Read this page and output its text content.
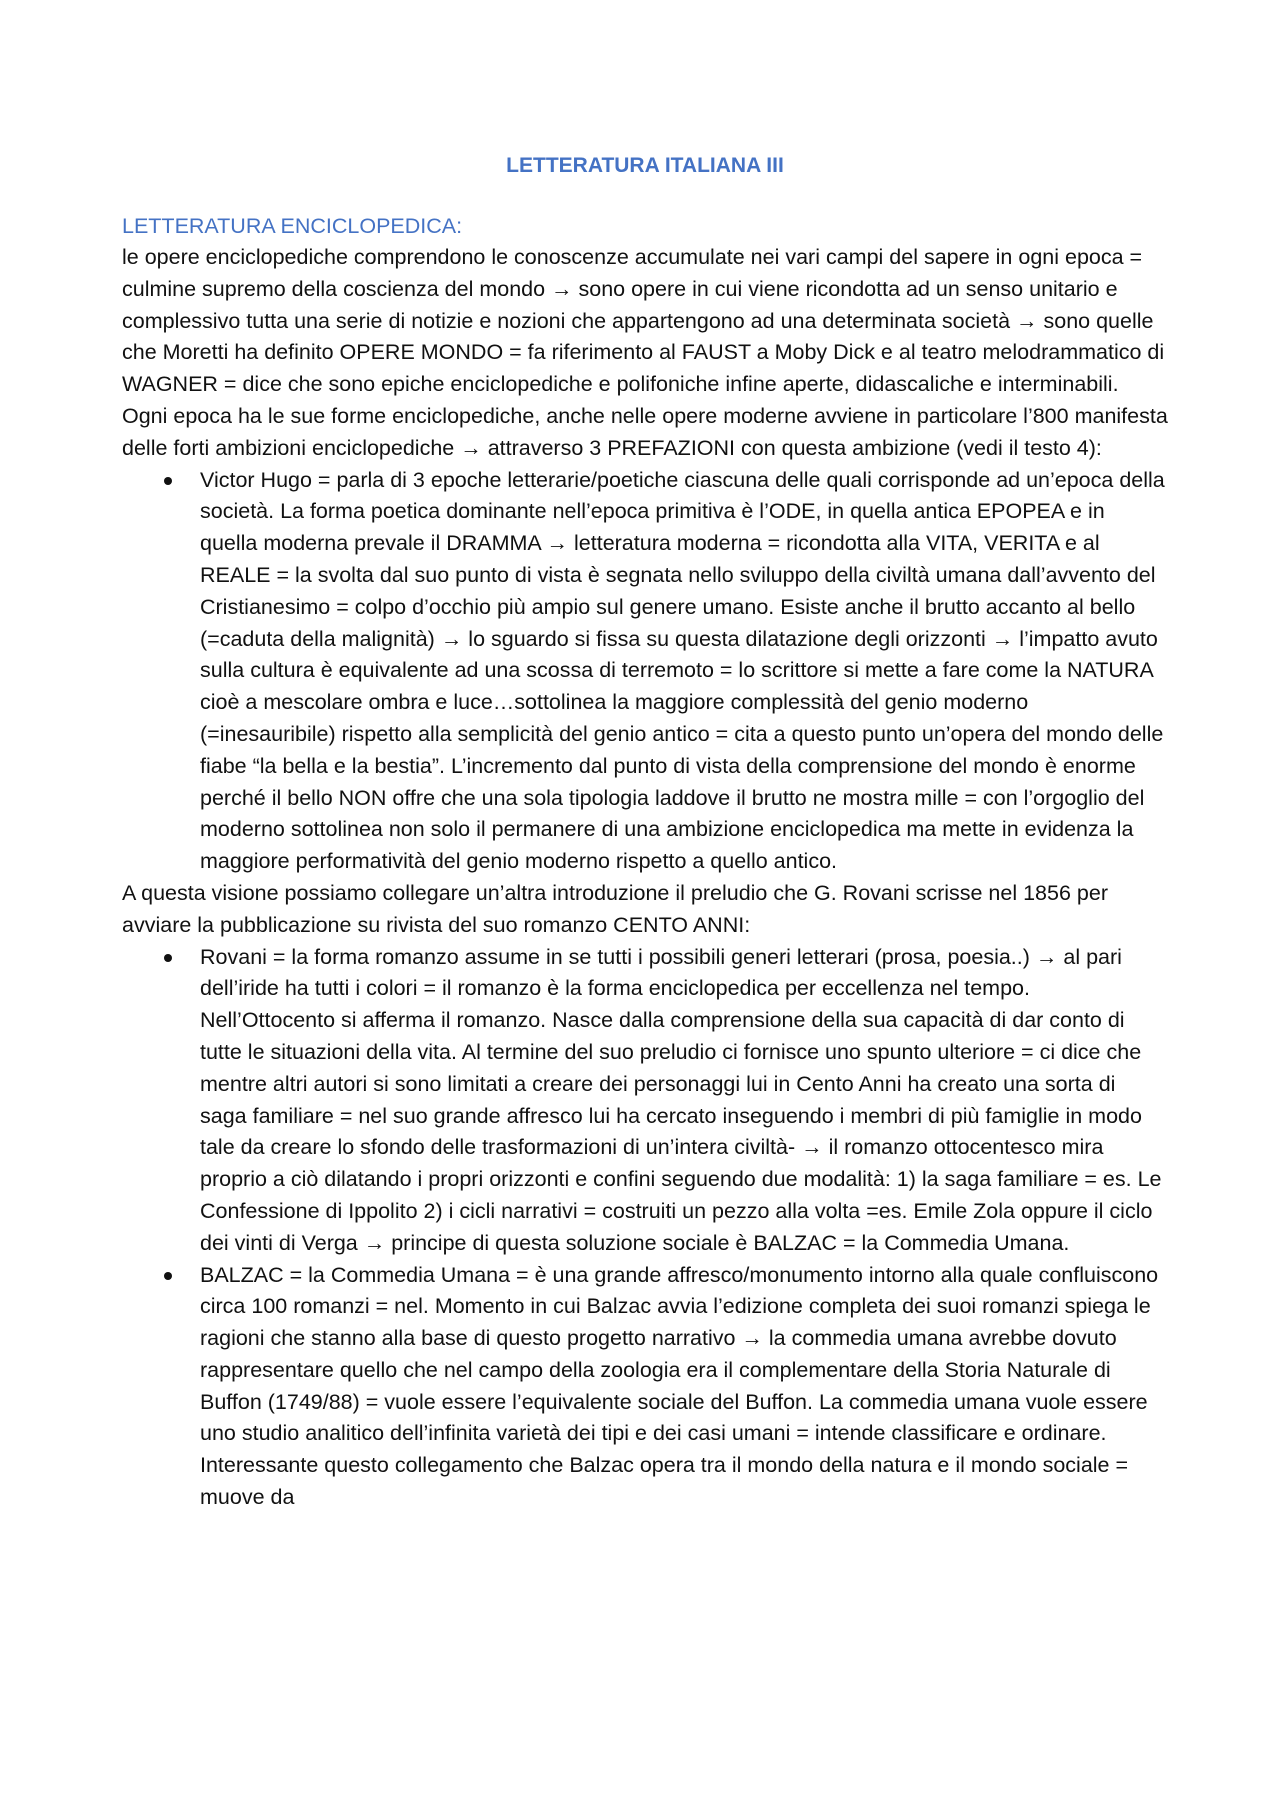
LETTERATURA ITALIANA III

LETTERATURA ENCICLOPEDICA:

le opere enciclopediche comprendono le conoscenze accumulate nei vari campi del sapere in ogni epoca = culmine supremo della coscienza del mondo → sono opere in cui viene ricondotta ad un senso unitario e complessivo tutta una serie di notizie e nozioni che appartengono ad una determinata società → sono quelle che Moretti ha definito OPERE MONDO = fa riferimento al FAUST a Moby Dick e al teatro melodrammatico di WAGNER = dice che sono epiche enciclopediche e polifoniche infine aperte, didascaliche e interminabili.

Ogni epoca ha le sue forme enciclopediche, anche nelle opere moderne avviene in particolare l’800 manifesta delle forti ambizioni enciclopediche → attraverso 3 PREFAZIONI con questa ambizione (vedi il testo 4):

Victor Hugo = parla di 3 epoche letterarie/poetiche ciascuna delle quali corrisponde ad un’epoca della società. La forma poetica dominante nell’epoca primitiva è l’ODE, in quella antica EPOPEA e in quella moderna prevale il DRAMMA → letteratura moderna = ricondotta alla VITA, VERITA e al REALE = la svolta dal suo punto di vista è segnata nello sviluppo della civiltà umana dall’avvento del Cristianesimo = colpo d’occhio più ampio sul genere umano. Esiste anche il brutto accanto al bello (=caduta della malignità) → lo sguardo si fissa su questa dilatazione degli orizzonti → l’impatto avuto sulla cultura è equivalente ad una scossa di terremoto = lo scrittore si mette a fare come la NATURA cioè a mescolare ombra e luce…sottolinea la maggiore complessità del genio moderno (=inesauribile) rispetto alla semplicità del genio antico = cita a questo punto un’opera del mondo delle fiabe “la bella e la bestia”. L’incremento dal punto di vista della comprensione del mondo è enorme perché il bello NON offre che una sola tipologia laddove il brutto ne mostra mille = con l’orgoglio del moderno sottolinea non solo il permanere di una ambizione enciclopedica ma mette in evidenza la maggiore performatività del genio moderno rispetto a quello antico.

A questa visione possiamo collegare un’altra introduzione il preludio che G. Rovani scrisse nel 1856 per avviare la pubblicazione su rivista del suo romanzo CENTO ANNI:

Rovani = la forma romanzo assume in se tutti i possibili generi letterari (prosa, poesia..) → al pari dell’iride ha tutti i colori = il romanzo è la forma enciclopedica per eccellenza nel tempo. Nell’Ottocento si afferma il romanzo. Nasce dalla comprensione della sua capacità di dar conto di tutte le situazioni della vita. Al termine del suo preludio ci fornisce uno spunto ulteriore = ci dice che mentre altri autori si sono limitati a creare dei personaggi lui in Cento Anni ha creato una sorta di saga familiare = nel suo grande affresco lui ha cercato inseguendo i membri di più famiglie in modo tale da creare lo sfondo delle trasformazioni di un’intera civiltà- → il romanzo ottocentesco mira proprio a ciò dilatando i propri orizzonti e confini seguendo due modalità: 1) la saga familiare = es. Le Confessione di Ippolito 2) i cicli narrativi = costruiti un pezzo alla volta =es. Emile Zola oppure il ciclo dei vinti di Verga → principe di questa soluzione sociale è BALZAC = la Commedia Umana.
BALZAC = la Commedia Umana = è una grande affresco/monumento intorno alla quale confluiscono circa 100 romanzi = nel. Momento in cui Balzac avvia l’edizione completa dei suoi romanzi spiega le ragioni che stanno alla base di questo progetto narrativo → la commedia umana avrebbe dovuto rappresentare quello che nel campo della zoologia era il complementare della Storia Naturale di Buffon (1749/88) = vuole essere l’equivalente sociale del Buffon. La commedia umana vuole essere uno studio analitico dell’infinita varietà dei tipi e dei casi umani = intende classificare e ordinare. Interessante questo collegamento che Balzac opera tra il mondo della natura e il mondo sociale = muove da
